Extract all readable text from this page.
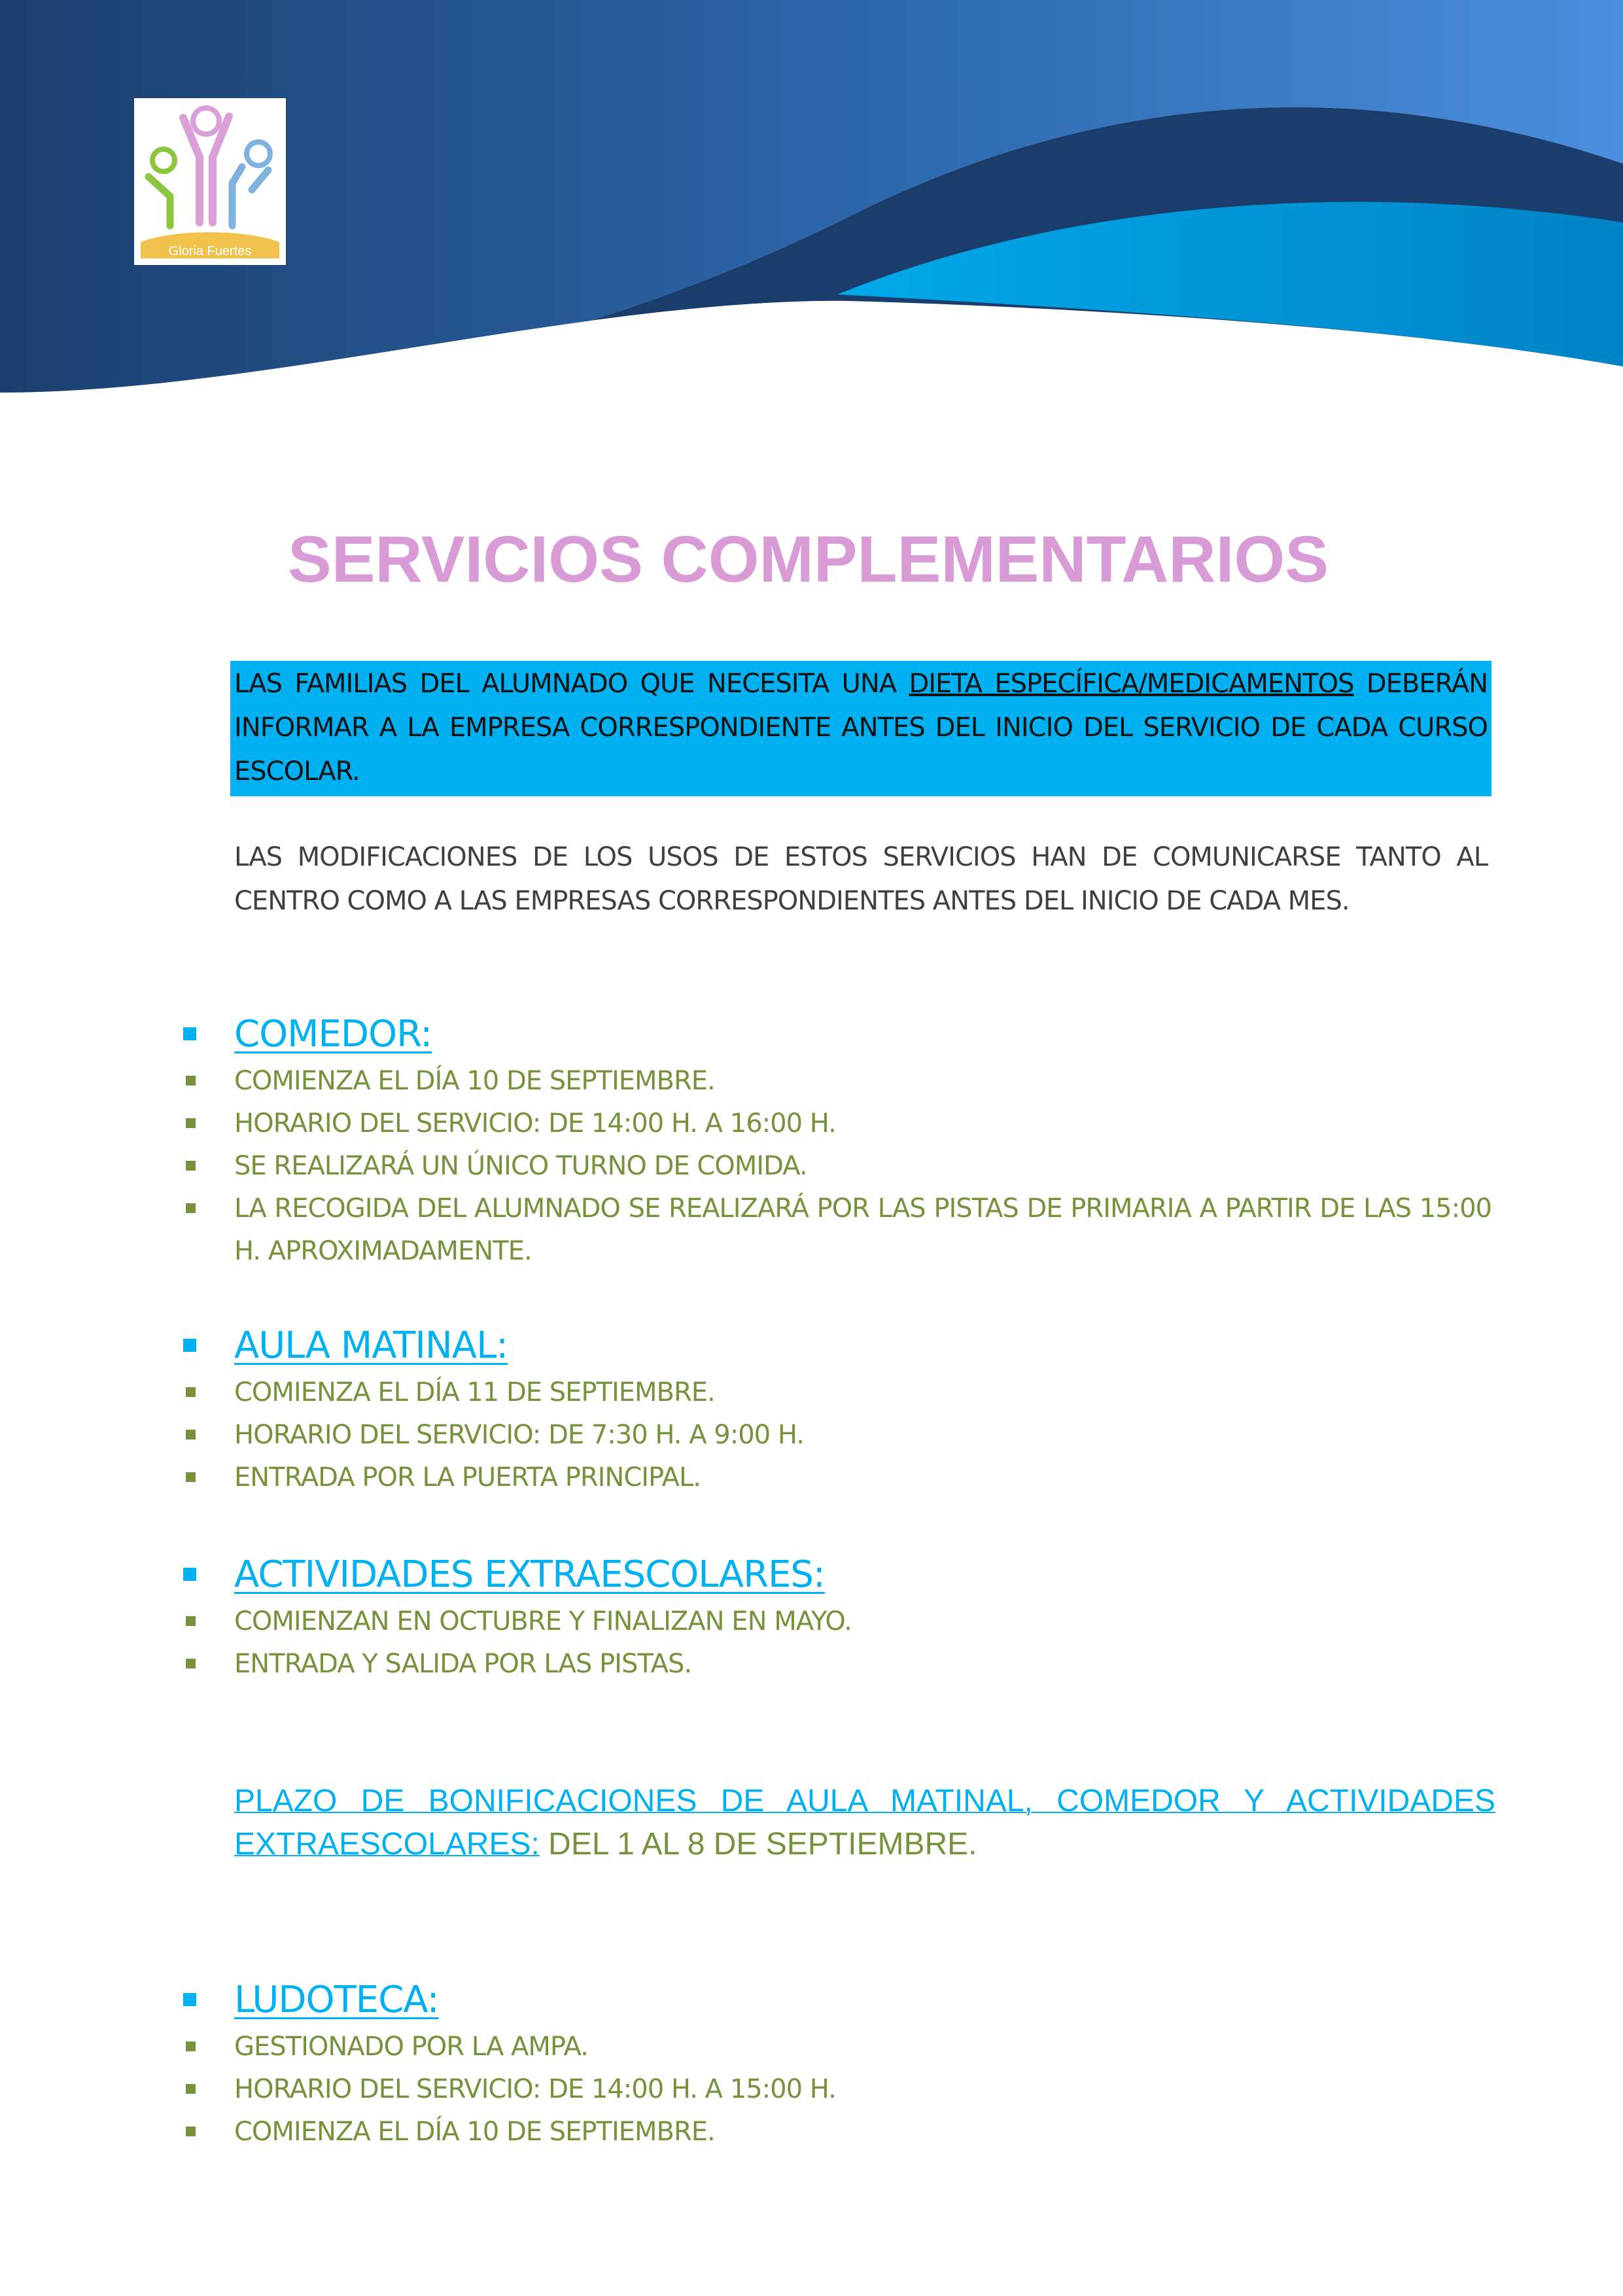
Gloria Fuertes
SERVICIOS COMPLEMENTARIOS

LAS FAMILIAS DEL ALUMNADO QUE NECESITA UNA DIETA ESPECÍFICA/MEDICAMENTOS DEBERÁN INFORMAR A LA EMPRESA CORRESPONDIENTE ANTES DEL INICIO DEL SERVICIO DE CADA CURSO ESCOLAR.

LAS MODIFICACIONES DE LOS USOS DE ESTOS SERVICIOS HAN DE COMUNICARSE TANTO AL CENTRO COMO A LAS EMPRESAS CORRESPONDIENTES ANTES DEL INICIO DE CADA MES.

COMEDOR:
COMIENZA EL DÍA 10 DE SEPTIEMBRE.
HORARIO DEL SERVICIO: DE 14:00 H. A 16:00 H.
SE REALIZARÁ UN ÚNICO TURNO DE COMIDA.
LA RECOGIDA DEL ALUMNADO SE REALIZARÁ POR LAS PISTAS DE PRIMARIA A PARTIR DE LAS 15:00 H. APROXIMADAMENTE.
AULA MATINAL:
COMIENZA EL DÍA 11 DE SEPTIEMBRE.
HORARIO DEL SERVICIO: DE 7:30 H. A 9:00 H.
ENTRADA POR LA PUERTA PRINCIPAL.
ACTIVIDADES EXTRAESCOLARES:
COMIENZAN EN OCTUBRE Y FINALIZAN EN MAYO.
ENTRADA Y SALIDA POR LAS PISTAS.

PLAZO DE BONIFICACIONES DE AULA MATINAL, COMEDOR Y ACTIVIDADES EXTRAESCOLARES: DEL 1 AL 8 DE SEPTIEMBRE.

LUDOTECA:
GESTIONADO POR LA AMPA.
HORARIO DEL SERVICIO: DE 14:00 H. A 15:00 H.
COMIENZA EL DÍA 10 DE SEPTIEMBRE.
